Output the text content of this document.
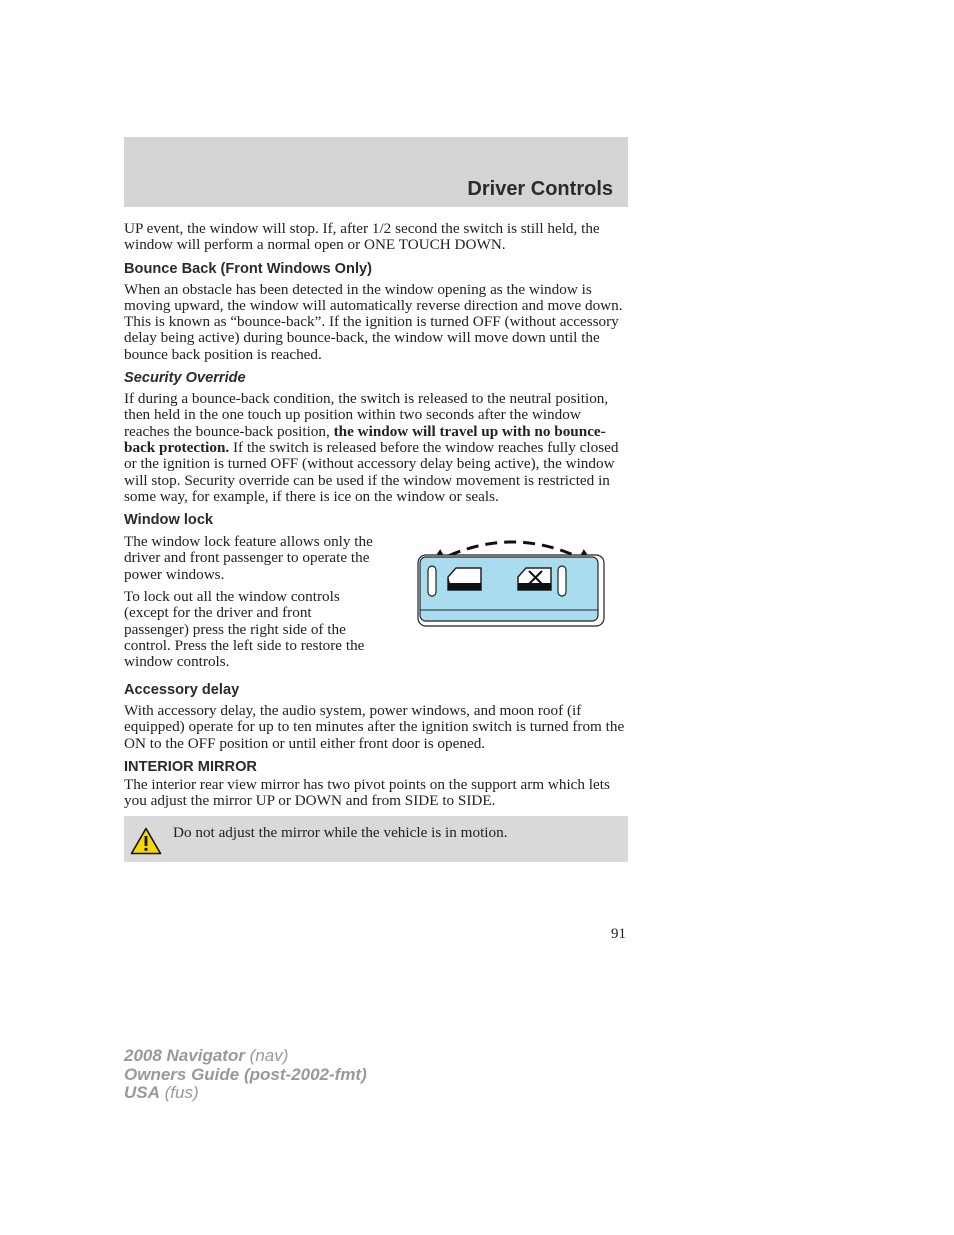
Driver Controls

UP event, the window will stop. If, after 1/2 second the switch is still held, the window will perform a normal open or ONE TOUCH DOWN.

Bounce Back (Front Windows Only)

When an obstacle has been detected in the window opening as the window is moving upward, the window will automatically reverse direction and move down. This is known as “bounce-back”. If the ignition is turned OFF (without accessory delay being active) during bounce-back, the window will move down until the bounce back position is reached.

Security Override

If during a bounce-back condition, the switch is released to the neutral position, then held in the one touch up position within two seconds after the window reaches the bounce-back position, the window will travel up with no bounce-back protection. If the switch is released before the window reaches fully closed or the ignition is turned OFF (without accessory delay being active), the window will stop. Security override can be used if the window movement is restricted in some way, for example, if there is ice on the window or seals.

Window lock

The window lock feature allows only the driver and front passenger to operate the power windows.

To lock out all the window controls (except for the driver and front passenger) press the right side of the control. Press the left side to restore the window controls.

Accessory delay

With accessory delay, the audio system, power windows, and moon roof (if equipped) operate for up to ten minutes after the ignition switch is turned from the ON to the OFF position or until either front door is opened.

INTERIOR MIRROR

The interior rear view mirror has two pivot points on the support arm which lets you adjust the mirror UP or DOWN and from SIDE to SIDE.

Do not adjust the mirror while the vehicle is in motion.
91
2008 Navigator (nav)
Owners Guide (post-2002-fmt)
USA (fus)
